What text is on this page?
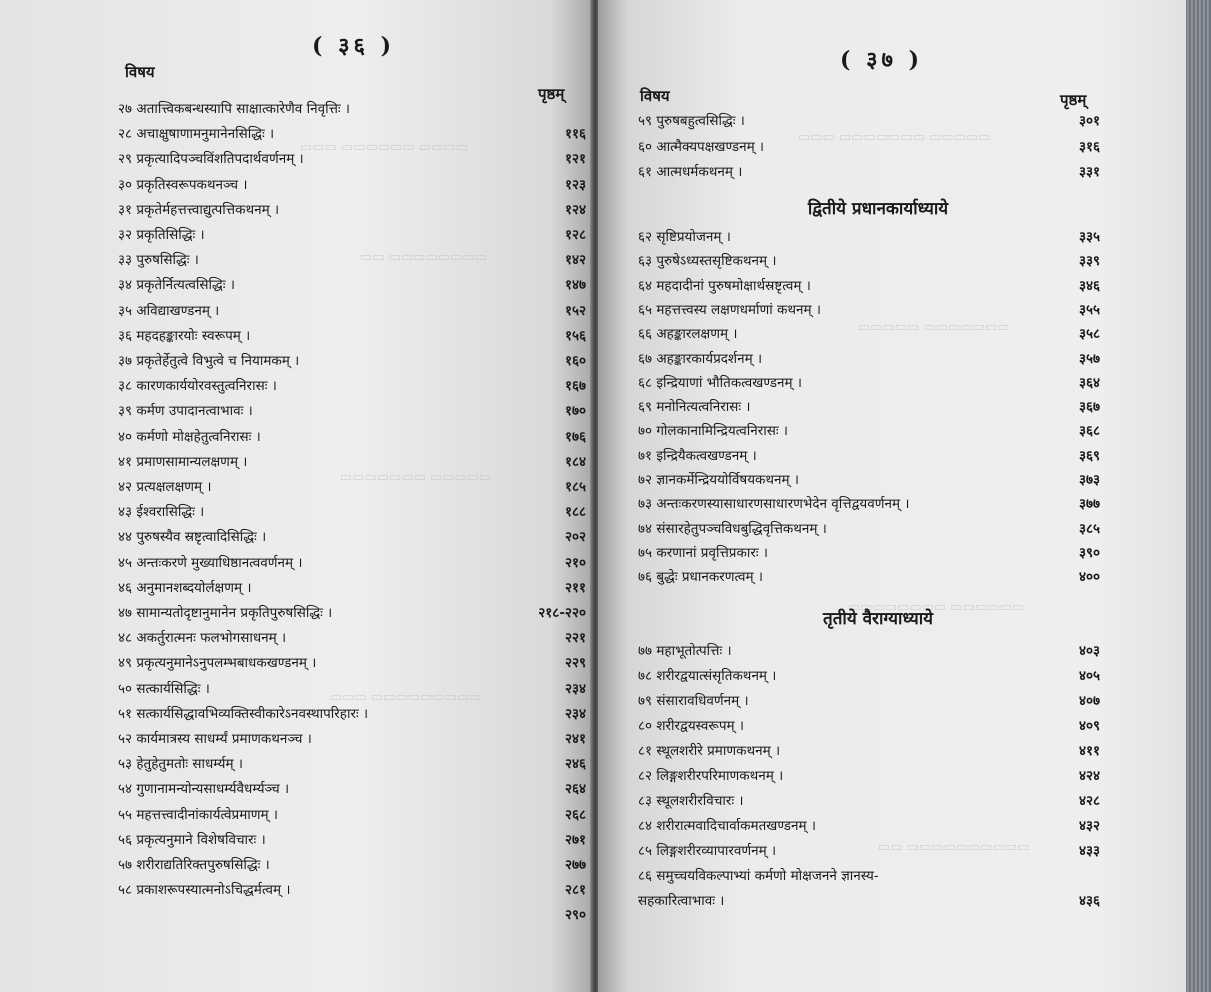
▭▭▭▭ ▭▭▭▭▭▭ ▭▭▭
▭▭▭▭▭▭▭▭ ▭▭
▭▭▭▭▭ ▭▭▭▭▭▭▭
▭▭▭▭▭▭▭▭▭ ▭▭▭
( ३६ )
विषय
पृष्ठम्
२७ अतात्त्विकबन्धस्यापि साक्षात्कारेणैव निवृत्तिः ।
२८ अचाक्षुषाणामनुमानेनसिद्धिः ।	११६
२९ प्रकृत्यादिपञ्चविंशतिपदार्थवर्णनम् ।	१२१
३० प्रकृतिस्वरूपकथनञ्च ।	१२३
३१ प्रकृतेर्महत्तत्त्वाद्युत्पत्तिकथनम् ।	१२४
३२ प्रकृतिसिद्धिः ।	१२८
३३ पुरुषसिद्धिः ।	१४२
३४ प्रकृतेर्नित्यत्वसिद्धिः ।	१४७
३५ अविद्याखण्डनम् ।	१५२
३६ महदहङ्कारयोः स्वरूपम् ।	१५६
३७ प्रकृतेर्हेतुत्वे विभुत्वे च नियामकम् ।	१६०
३८ कारणकार्ययोरवस्तुत्वनिरासः ।	१६७
३९ कर्मण उपादानत्वाभावः ।	१७०
४० कर्मणो मोक्षहेतुत्वनिरासः ।	१७६
४१ प्रमाणसामान्यलक्षणम् ।	१८४
४२ प्रत्यक्षलक्षणम् ।	१८५
४३ ईश्वरासिद्धिः ।	१८८
४४ पुरुषस्यैव स्रष्टृत्वादिसिद्धिः ।	२०२
४५ अन्तःकरणे मुख्याधिष्ठानत्ववर्णनम् ।	२१०
४६ अनुमानशब्दयोर्लक्षणम् ।	२११
४७ सामान्यतोदृष्टानुमानेन प्रकृतिपुरुषसिद्धिः ।	२१८-२२०
४८ अकर्तुरात्मनः फलभोगसाधनम् ।	२२१
४९ प्रकृत्यनुमानेऽनुपलम्भबाधकखण्डनम् ।	२२९
५० सत्कार्यसिद्धिः ।	२३४
५१ सत्कार्यसिद्धावभिव्यक्तिस्वीकारेऽनवस्थापरिहारः ।	२३४
५२ कार्यमात्रस्य साधर्म्यं प्रमाणकथनञ्च ।	२४१
५३ हेतुहेतुमतोः साधर्म्यम् ।	२४६
५४ गुणानामन्योन्यसाधर्म्यवैधर्म्यञ्च ।	२६४
५५ महत्तत्त्वादीनांकार्यत्वेप्रमाणम् ।	२६८
५६ प्रकृत्यनुमाने विशेषविचारः ।	२७१
५७ शरीराद्यतिरिक्तपुरुषसिद्धिः ।	२७७
५८ प्रकाशरूपस्यात्मनोऽचिद्धर्मत्वम् ।	२८१
२९०
▭▭▭▭▭ ▭▭▭▭▭▭▭ ▭▭▭
▭▭▭▭▭▭▭ ▭▭▭▭▭
▭▭▭▭▭▭ ▭▭▭▭▭▭▭▭
▭▭▭▭▭▭▭▭▭▭ ▭▭
( ३७ )
विषय	पृष्ठम्
५९ पुरुषबहुत्वसिद्धिः ।	३०१
६० आत्मैक्यपक्षखण्डनम् ।	३१६
६१ आत्मधर्मकथनम् ।	३३१
द्वितीये प्रधानकार्याध्याये
६२ सृष्टिप्रयोजनम् ।	३३५
६३ पुरुषेऽध्यस्तसृष्टिकथनम् ।	३३९
६४ महदादीनां पुरुषमोक्षार्थस्रष्टृत्वम् ।	३४६
६५ महत्तत्त्वस्य लक्षणधर्माणां कथनम् ।	३५५
६६ अहङ्कारलक्षणम् ।	३५८
६७ अहङ्कारकार्यप्रदर्शनम् ।	३५७
६८ इन्द्रियाणां भौतिकत्वखण्डनम् ।	३६४
६९ मनोनित्यत्वनिरासः ।	३६७
७० गोलकानामिन्द्रियत्वनिरासः ।	३६८
७१ इन्द्रियैकत्वखण्डनम् ।	३६९
७२ ज्ञानकर्मेन्द्रिययोर्विषयकथनम् ।	३७३
७३ अन्तःकरणस्यासाधारणसाधारणभेदेन वृत्तिद्वयवर्णनम् ।	३७७
७४ संसारहेतुपञ्चविधबुद्धिवृत्तिकथनम् ।	३८५
७५ करणानां प्रवृत्तिप्रकारः ।	३९०
७६ बुद्धेः प्रधानकरणत्वम् ।	४००
तृतीये वैराग्याध्याये
७७ महाभूतोत्पत्तिः ।	४०३
७८ शरीरद्वयात्संसृतिकथनम् ।	४०५
७९ संसारावधिवर्णनम् ।	४०७
८० शरीरद्वयस्वरूपम् ।	४०९
८१ स्थूलशरीरे प्रमाणकथनम् ।	४११
८२ लिङ्गशरीरपरिमाणकथनम् ।	४२४
८३ स्थूलशरीरविचारः ।	४२८
८४ शरीरात्मवादिचार्वाकमतखण्डनम् ।	४३२
८५ लिङ्गशरीरव्यापारवर्णनम् ।	४३३
८६ समुच्चयविकल्पाभ्यां कर्मणो मोक्षजनने ज्ञानस्य-
सहकारित्वाभावः ।	४३६
